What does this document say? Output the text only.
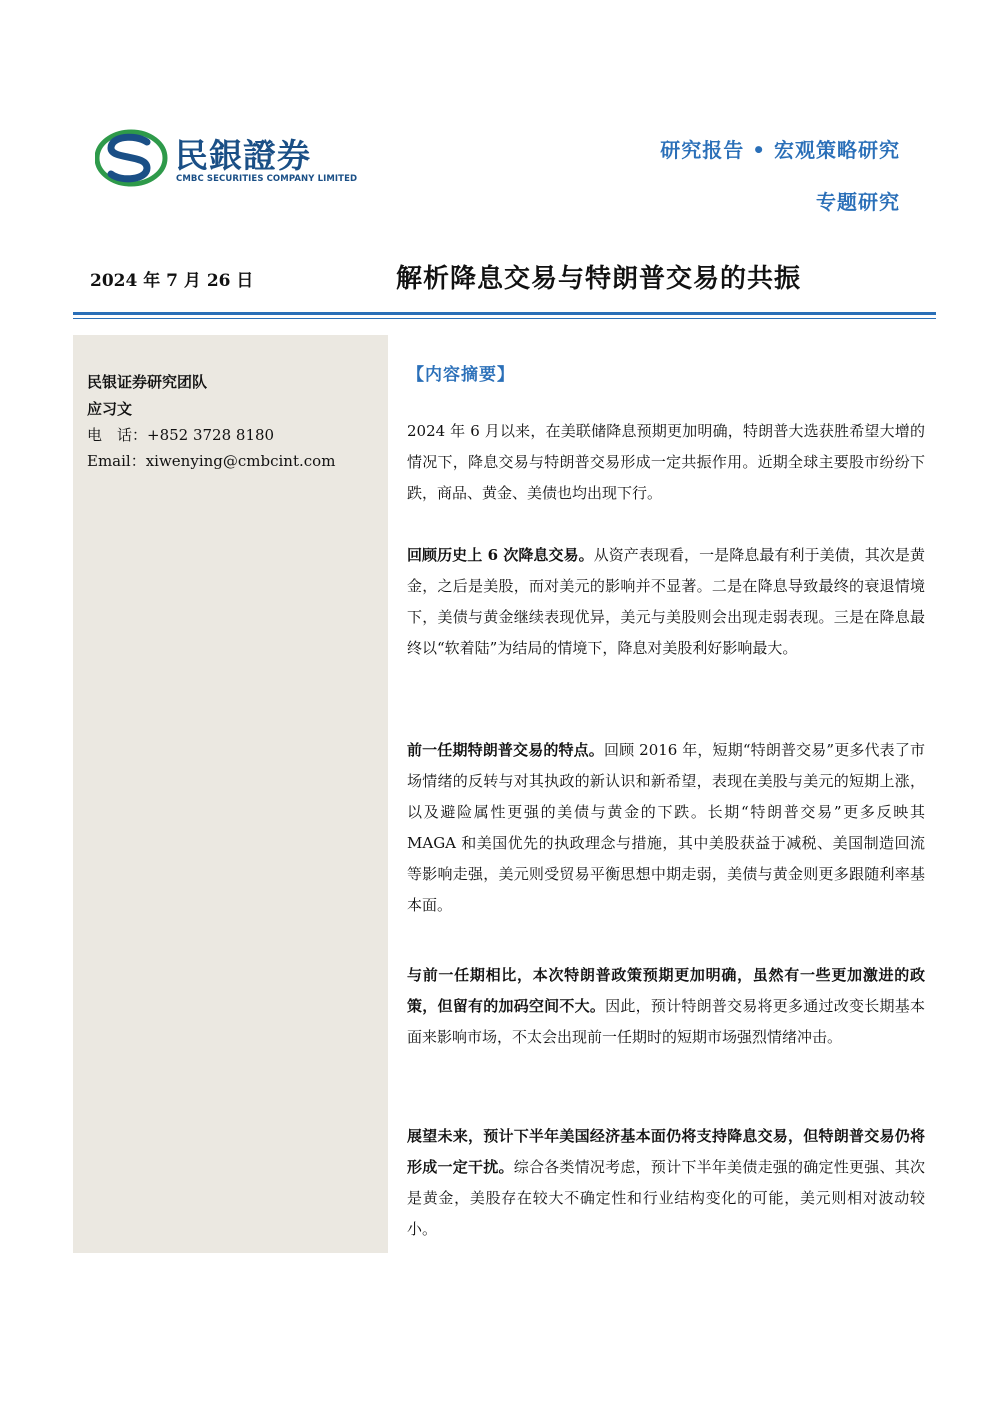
民銀證券
CMBC SECURITIES COMPANY LIMITED
研究报告 • 宏观策略研究
专题研究
2024 年 7 月 26 日	解析降息交易与特朗普交易的共振
民银证券研究团队
应习文
电　话：+852 3728 8180
Email：xiwenying@cmbcint.com
【内容摘要】
2024 年 6 月以来，在美联储降息预期更加明确，特朗普大选获胜希望大增的情况下，降息交易与特朗普交易形成一定共振作用。近期全球主要股市纷纷下跌，商品、黄金、美债也均出现下行。
回顾历史上 6 次降息交易。从资产表现看，一是降息最有利于美债，其次是黄金，之后是美股，而对美元的影响并不显著。二是在降息导致最终的衰退情境下，美债与黄金继续表现优异，美元与美股则会出现走弱表现。三是在降息最终以“软着陆”为结局的情境下，降息对美股利好影响最大。
前一任期特朗普交易的特点。回顾 2016 年，短期“特朗普交易”更多代表了市场情绪的反转与对其执政的新认识和新希望，表现在美股与美元的短期上涨，以及避险属性更强的美债与黄金的下跌。长期“特朗普交易”更多反映其 MAGA 和美国优先的执政理念与措施，其中美股获益于减税、美国制造回流等影响走强，美元则受贸易平衡思想中期走弱，美债与黄金则更多跟随利率基本面。
与前一任期相比，本次特朗普政策预期更加明确，虽然有一些更加激进的政策，但留有的加码空间不大。因此，预计特朗普交易将更多通过改变长期基本面来影响市场，不太会出现前一任期时的短期市场强烈情绪冲击。
展望未来，预计下半年美国经济基本面仍将支持降息交易，但特朗普交易仍将形成一定干扰。综合各类情况考虑，预计下半年美债走强的确定性更强、其次是黄金，美股存在较大不确定性和行业结构变化的可能，美元则相对波动较小。
